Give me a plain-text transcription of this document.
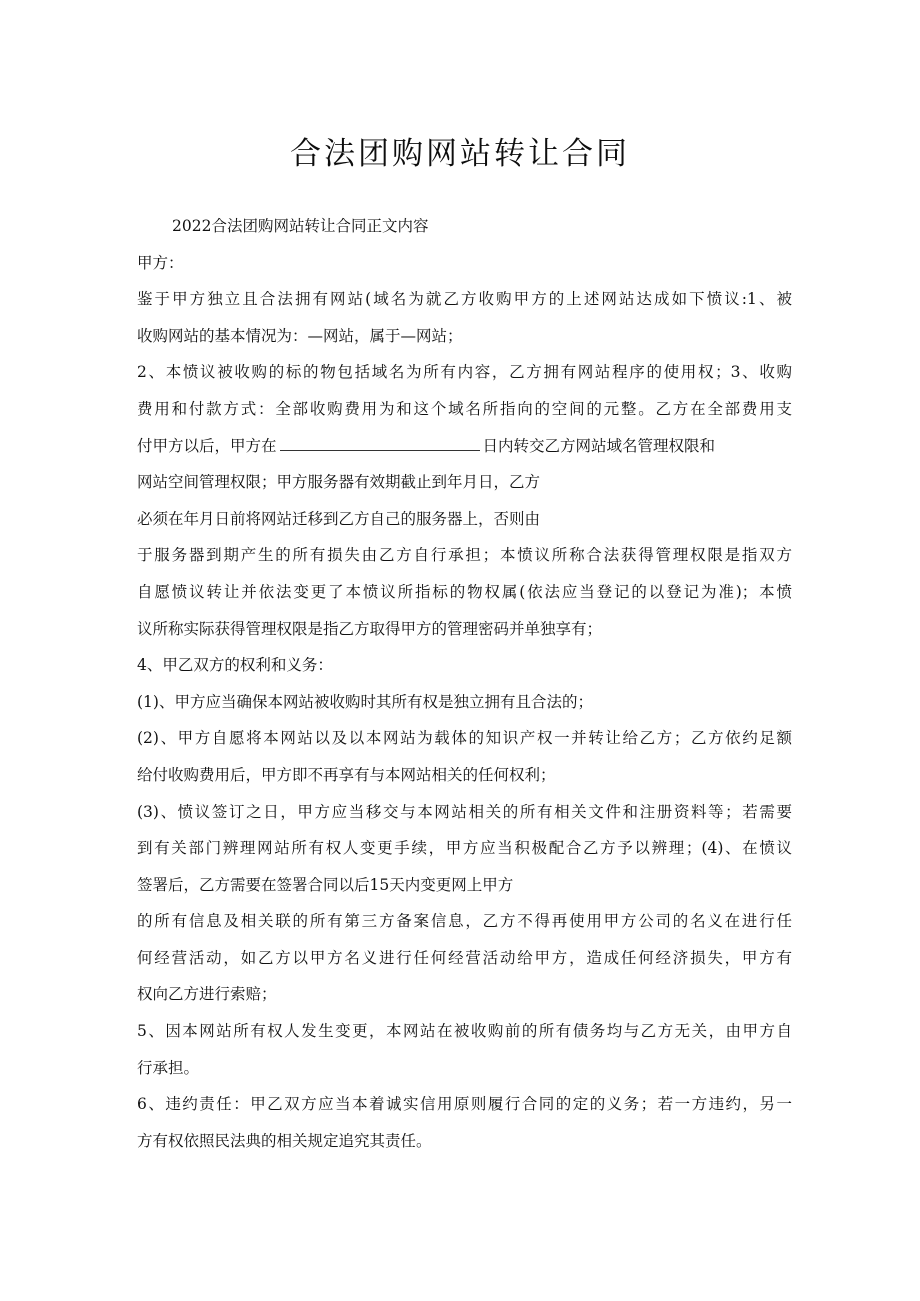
合法团购网站转让合同
2022合法团购网站转让合同正文内容
甲方：
鉴于甲方独立且合法拥有网站(域名为就乙方收购甲方的上述网站达成如下愤议:1、被
收购网站的基本情况为：—网站，属于—网站；
2、本愤议被收购的标的物包括域名为所有内容，乙方拥有网站程序的使用权；3、收购
费用和付款方式：全部收购费用为和这个域名所指向的空间的元整。乙方在全部费用支
付甲方以后，甲方在	日内转交乙方网站域名管理权限和
网站空间管理权限；甲方服务器有效期截止到年月日，乙方
必须在年月日前将网站迁移到乙方自己的服务器上，否则由
于服务器到期产生的所有损失由乙方自行承担；本愤议所称合法获得管理权限是指双方
自愿愤议转让并依法变更了本愤议所指标的物权属(依法应当登记的以登记为准)；本愤
议所称实际获得管理权限是指乙方取得甲方的管理密码并单独享有；
4、甲乙双方的权利和义务：
(1)、甲方应当确保本网站被收购时其所有权是独立拥有且合法的；
(2)、甲方自愿将本网站以及以本网站为载体的知识产权一并转让给乙方；乙方依约足额
给付收购费用后，甲方即不再享有与本网站相关的任何权利；
(3)、愤议签订之日，甲方应当移交与本网站相关的所有相关文件和注册资料等；若需要
到有关部门辨理网站所有权人变更手续，甲方应当积极配合乙方予以辨理；(4)、在愤议
签署后，乙方需要在签署合同以后15天内变更网上甲方
的所有信息及相关联的所有第三方备案信息，乙方不得再使用甲方公司的名义在进行任
何经营活动，如乙方以甲方名义进行任何经营活动给甲方，造成任何经济损失，甲方有
权向乙方进行索赔；
5、因本网站所有权人发生变更，本网站在被收购前的所有债务均与乙方无关，由甲方自
行承担。
6、违约责任：甲乙双方应当本着诚实信用原则履行合同的定的义务；若一方违约，另一
方有权依照民法典的相关规定追究其责任。
